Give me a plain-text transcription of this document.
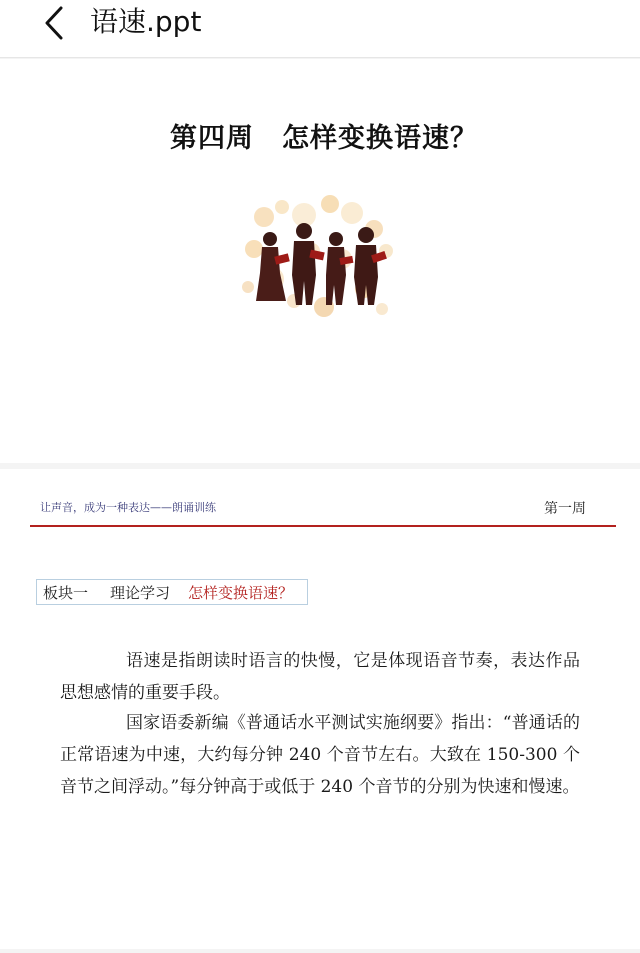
语速.ppt
第四周　怎样变换语速？
让声音，成为一种表达——朗诵训练	第一周
板块一 理论学习 怎样变换语速？
语速是指朗读时语言的快慢，它是体现语音节奏，表达作品思想感情的重要手段。
国家语委新编《普通话水平测试实施纲要》指出：“普通话的正常语速为中速，大约每分钟 240 个音节左右。大致在 150-300 个音节之间浮动。”每分钟高于或低于 240 个音节的分别为快速和慢速。
